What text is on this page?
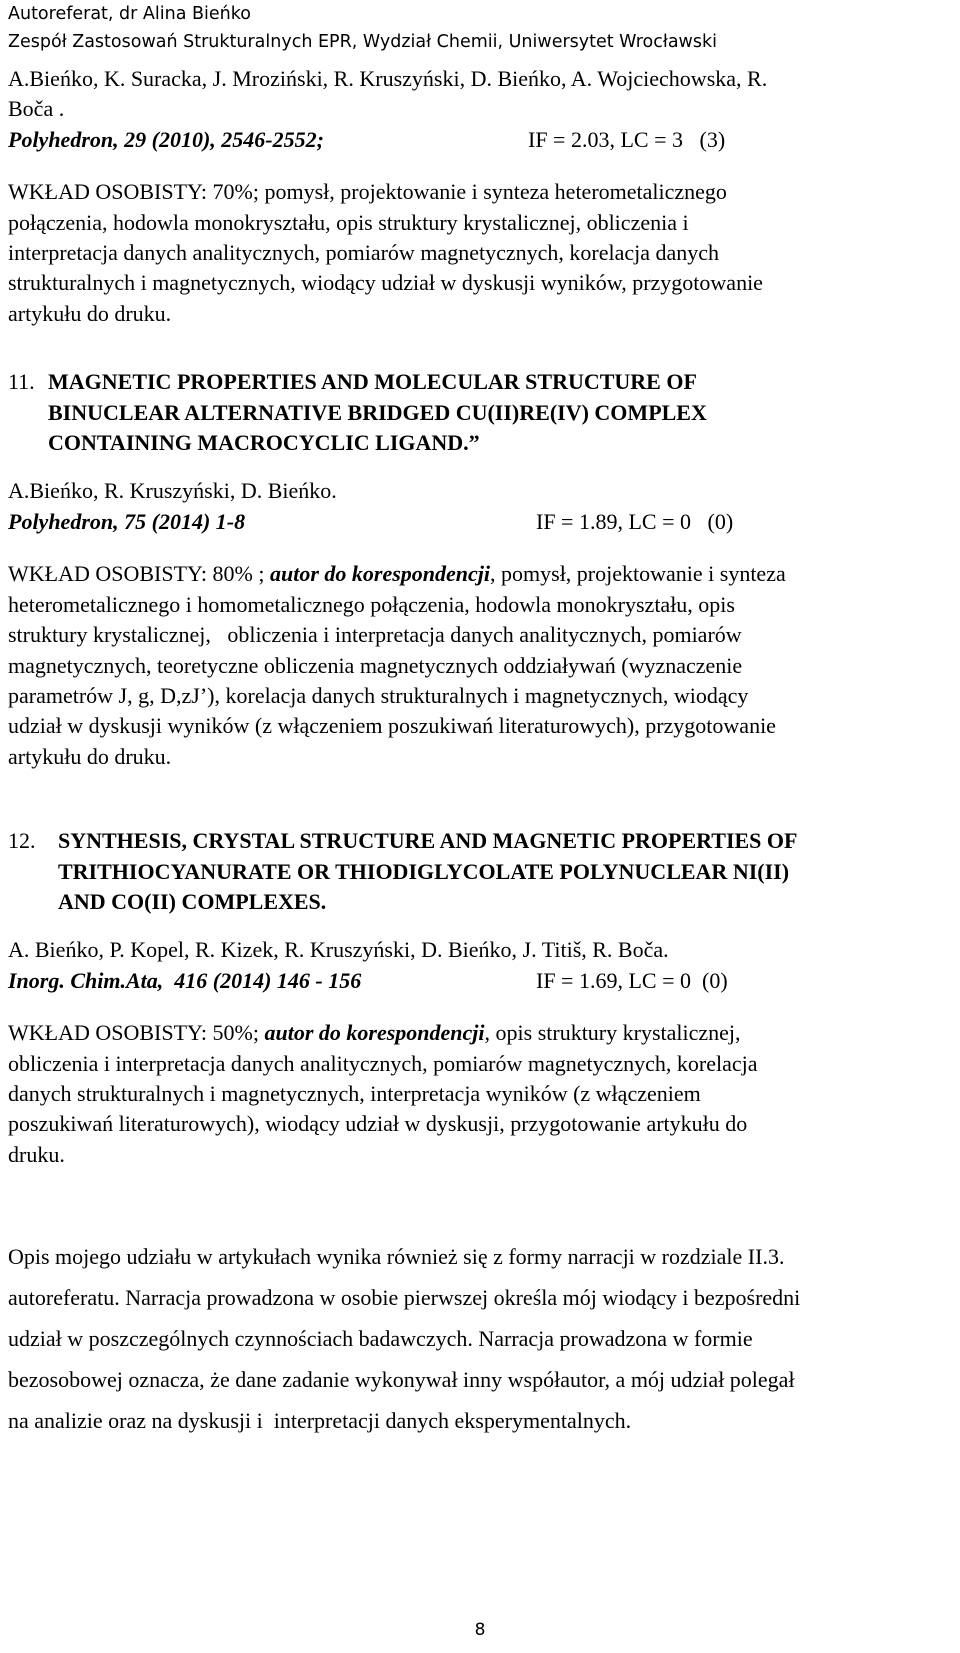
Autoreferat, dr Alina Bieńko
Zespół Zastosowań Strukturalnych EPR, Wydział Chemii, Uniwersytet Wrocławski
A.Bieńko, K. Suracka, J. Mroziński, R. Kruszyński, D. Bieńko, A. Wojciechowska, R.
Boča .
Polyhedron, 29 (2010), 2546-2552;	IF = 2.03, LC = 3   (3)
WKŁAD OSOBISTY: 70%; pomysł, projektowanie i synteza heterometalicznego
połączenia, hodowla monokryształu, opis struktury krystalicznej, obliczenia i
interpretacja danych analitycznych, pomiarów magnetycznych, korelacja danych
strukturalnych i magnetycznych, wiodący udział w dyskusji wyników, przygotowanie
artykułu do druku.
11. MAGNETIC PROPERTIES AND MOLECULAR STRUCTURE OF
BINUCLEAR ALTERNATIVE BRIDGED CU(II)RE(IV) COMPLEX
CONTAINING MACROCYCLIC LIGAND.”
A.Bieńko, R. Kruszyński, D. Bieńko.
Polyhedron, 75 (2014) 1-8	IF = 1.89, LC = 0   (0)
WKŁAD OSOBISTY: 80% ; autor do korespondencji, pomysł, projektowanie i synteza
heterometalicznego i homometalicznego połączenia, hodowla monokryształu, opis
struktury krystalicznej,   obliczenia i interpretacja danych analitycznych, pomiarów
magnetycznych, teoretyczne obliczenia magnetycznych oddziaływań (wyznaczenie
parametrów J, g, D,zJ’), korelacja danych strukturalnych i magnetycznych, wiodący
udział w dyskusji wyników (z włączeniem poszukiwań literaturowych), przygotowanie
artykułu do druku.
12.	SYNTHESIS, CRYSTAL STRUCTURE AND MAGNETIC PROPERTIES OF
TRITHIOCYANURATE OR THIODIGLYCOLATE POLYNUCLEAR NI(II)
AND CO(II) COMPLEXES.
A. Bieńko, P. Kopel, R. Kizek, R. Kruszyński, D. Bieńko, J. Titiš, R. Boča.
Inorg. Chim.Ata,  416 (2014) 146 - 156	IF = 1.69, LC = 0  (0)
WKŁAD OSOBISTY: 50%; autor do korespondencji, opis struktury krystalicznej,
obliczenia i interpretacja danych analitycznych, pomiarów magnetycznych, korelacja
danych strukturalnych i magnetycznych, interpretacja wyników (z włączeniem
poszukiwań literaturowych), wiodący udział w dyskusji, przygotowanie artykułu do
druku.
Opis mojego udziału w artykułach wynika również się z formy narracji w rozdziale II.3.
autoreferatu. Narracja prowadzona w osobie pierwszej określa mój wiodący i bezpośredni
udział w poszczególnych czynnościach badawczych. Narracja prowadzona w formie
bezosobowej oznacza, że dane zadanie wykonywał inny współautor, a mój udział polegał
na analizie oraz na dyskusji i  interpretacji danych eksperymentalnych.
8
